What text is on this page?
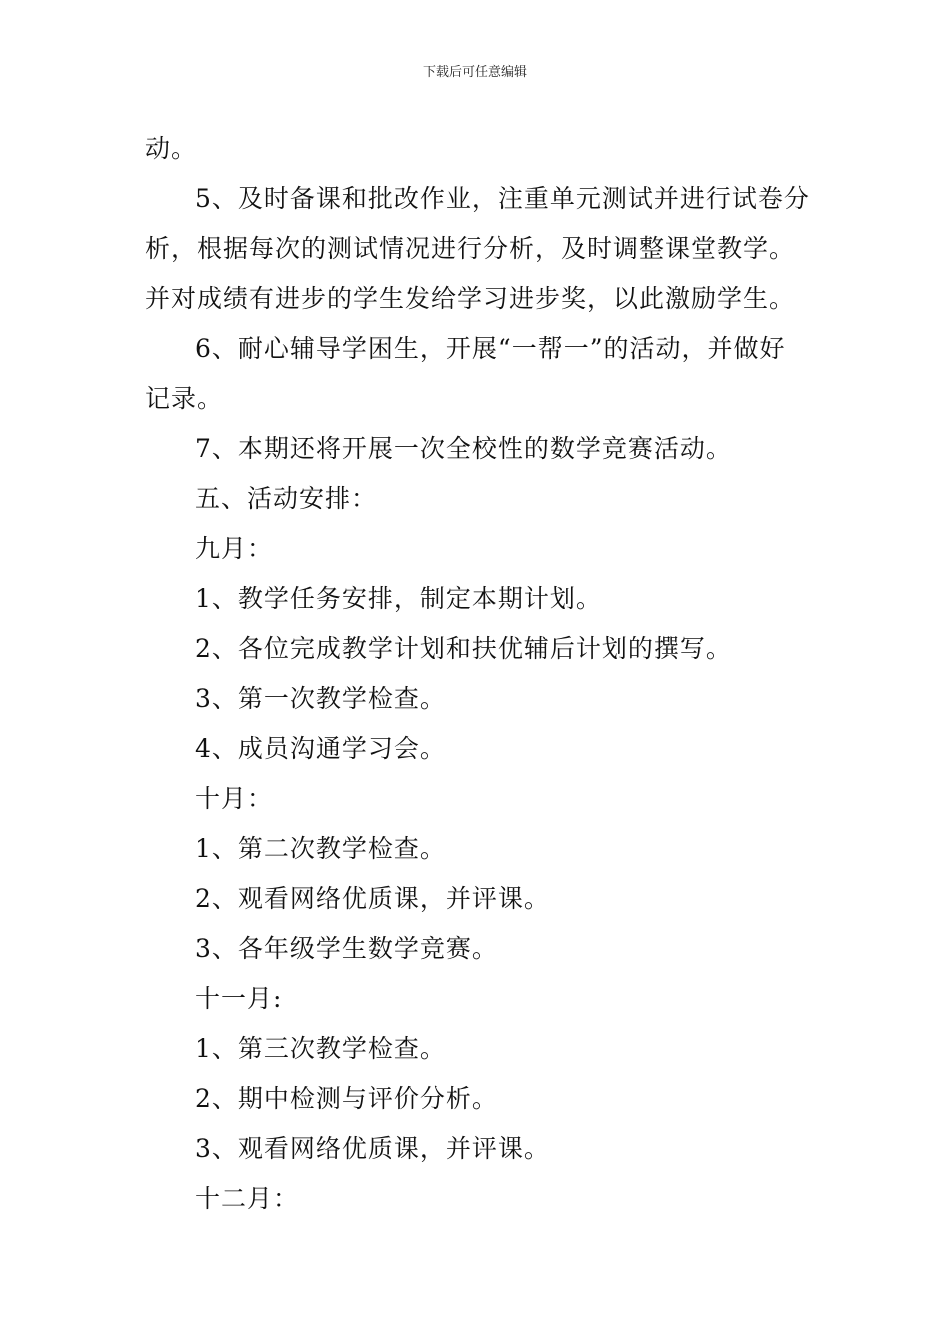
下载后可任意编辑
动。
5、及时备课和批改作业，注重单元测试并进行试卷分
析，根据每次的测试情况进行分析，及时调整课堂教学。
并对成绩有进步的学生发给学习进步奖，以此激励学生。
6、耐心辅导学困生，开展“一帮一”的活动，并做好
记录。
7、本期还将开展一次全校性的数学竞赛活动。
五、活动安排：
九月：
1、教学任务安排，制定本期计划。
2、各位完成教学计划和扶优辅后计划的撰写。
3、第一次教学检查。
4、成员沟通学习会。
十月：
1、第二次教学检查。
2、观看网络优质课，并评课。
3、各年级学生数学竞赛。
十一月:
1、第三次教学检查。
2、期中检测与评价分析。
3、观看网络优质课，并评课。
十二月：
